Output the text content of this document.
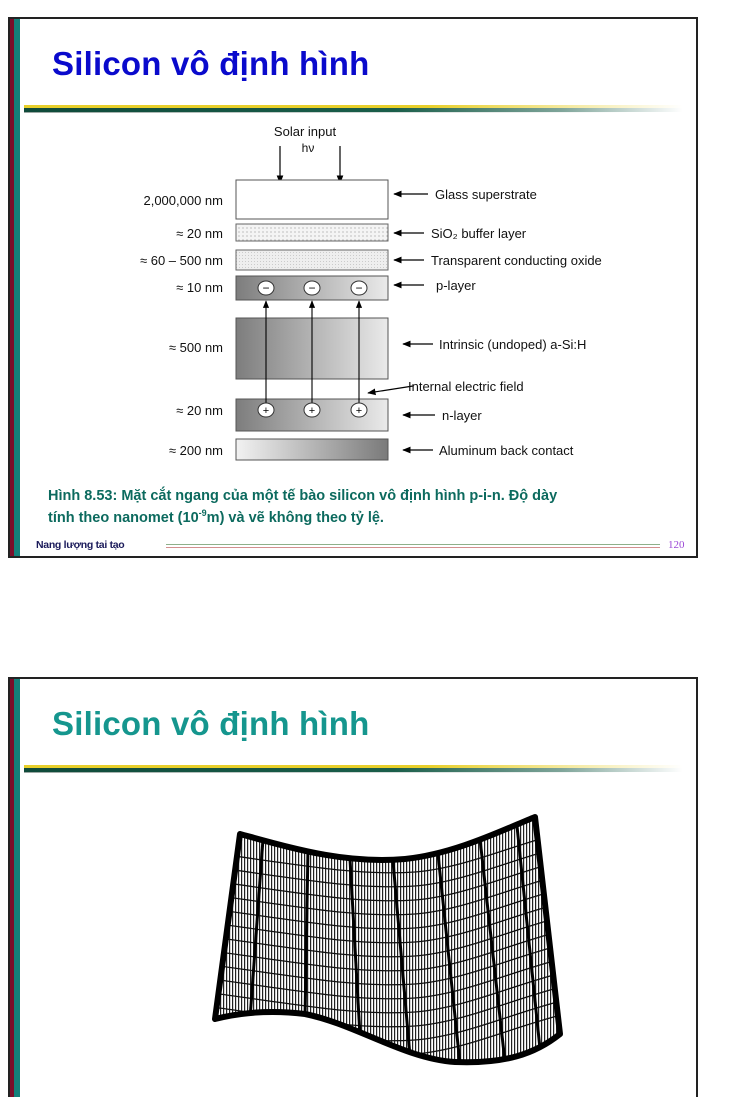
Silicon vô định hình
Solar input
hν
−	−	−
+	+	+
2,000,000 nm
≈ 20 nm
≈ 60 – 500 nm
≈ 10 nm
≈ 500 nm
≈ 20 nm
≈ 200 nm
Glass superstrate
SiO₂ buffer layer
Transparent conducting oxide
p-layer
Intrinsic (undoped) a-Si:H
Internal electric field
n-layer
Aluminum back contact

Hình 8.53: Mặt cắt ngang của một tế bào silicon vô định hình p-i-n. Độ dày
tính theo nanomet $(10^{-9}m)$ và vẽ không theo tỷ lệ.

Nang lượng tai tạo	120
Silicon vô định hình
